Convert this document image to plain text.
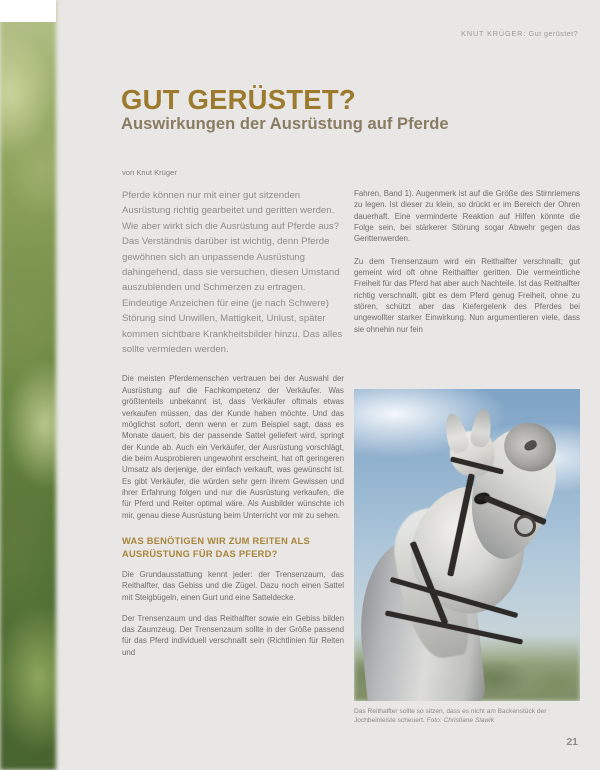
KNUT KRÜGER: Gut gerüstet?
GUT GERÜSTET?
Auswirkungen der Ausrüstung auf Pferde
von Knut Krüger

Pferde können nur mit einer gut sitzenden Ausrüstung richtig gearbeitet und geritten werden. Wie aber wirkt sich die Ausrüstung auf Pferde aus? Das Verständnis darüber ist wichtig, denn Pferde gewöhnen sich an unpassende Ausrüstung dahingehend, dass sie versuchen, diesen Umstand auszublenden und Schmerzen zu ertragen. Eindeutige Anzeichen für eine (je nach Schwere) Störung sind Unwillen, Mattigkeit, Unlust, später kommen sichtbare Krankheitsbilder hinzu. Das alles sollte vermieden werden.

Die meisten Pferdemenschen vertrauen bei der Auswahl der Ausrüstung auf die Fachkompetenz der Verkäufer. Was größtenteils unbekannt ist, dass Verkäufer oftmals etwas verkaufen müssen, das der Kunde haben möchte. Und das möglichst sofort, denn wenn er zum Beispiel sagt, dass es Monate dauert, bis der passende Sattel geliefert wird, springt der Kunde ab. Auch ein Verkäufer, der Ausrüstung vorschlägt, die beim Ausprobieren ungewohnt erscheint, hat oft geringeren Umsatz als derjenige, der einfach verkauft, was gewünscht ist. Es gibt Verkäufer, die würden sehr gern ihrem Gewissen und ihrer Erfahrung folgen und nur die Ausrüstung verkaufen, die für Pferd und Reiter optimal wäre. Als Ausbilder wünschte ich mir, genau diese Ausrüstung beim Unterricht vor mir zu sehen.

WAS BENÖTIGEN WIR ZUM REITEN ALS AUSRÜSTUNG FÜR DAS PFERD?

Die Grundausstattung kennt jeder: der Trensenzaum, das Reithalfter, das Gebiss und die Zügel. Dazu noch einen Sattel mit Steigbügeln, einen Gurt und eine Satteldecke.

Der Trensenzaum und das Reithalfter sowie ein Gebiss bilden das Zaumzeug. Der Trensenzaum sollte in der Größe passend für das Pferd individuell verschnallt sein (Richtlinien für Reiten und

Fahren, Band 1). Augenmerk ist auf die Größe des Stirnriemens zu legen. Ist dieser zu klein, so drückt er im Bereich der Ohren dauerhaft. Eine verminderte Reaktion auf Hilfen könnte die Folge sein, bei stärkerer Störung sogar Abwehr gegen das Gerittenwerden.

Zu dem Trensenzaum wird ein Reithalfter verschnallt; gut gemeint wird oft ohne Reithalfter geritten. Die vermeintliche Freiheit für das Pferd hat aber auch Nachteile. Ist das Reithalfter richtig verschnallt, gibt es dem Pferd genug Freiheit, ohne zu stören, schützt aber das Kiefergelenk des Pferdes bei ungewollter starker Einwirkung. Nun argumentieren viele, dass sie ohnehin nur fein

Das Reithalfter sollte so sitzen, dass es nicht am Backenstück der Jochbeinleiste scheuert. Foto: Christiane Slawik
21
